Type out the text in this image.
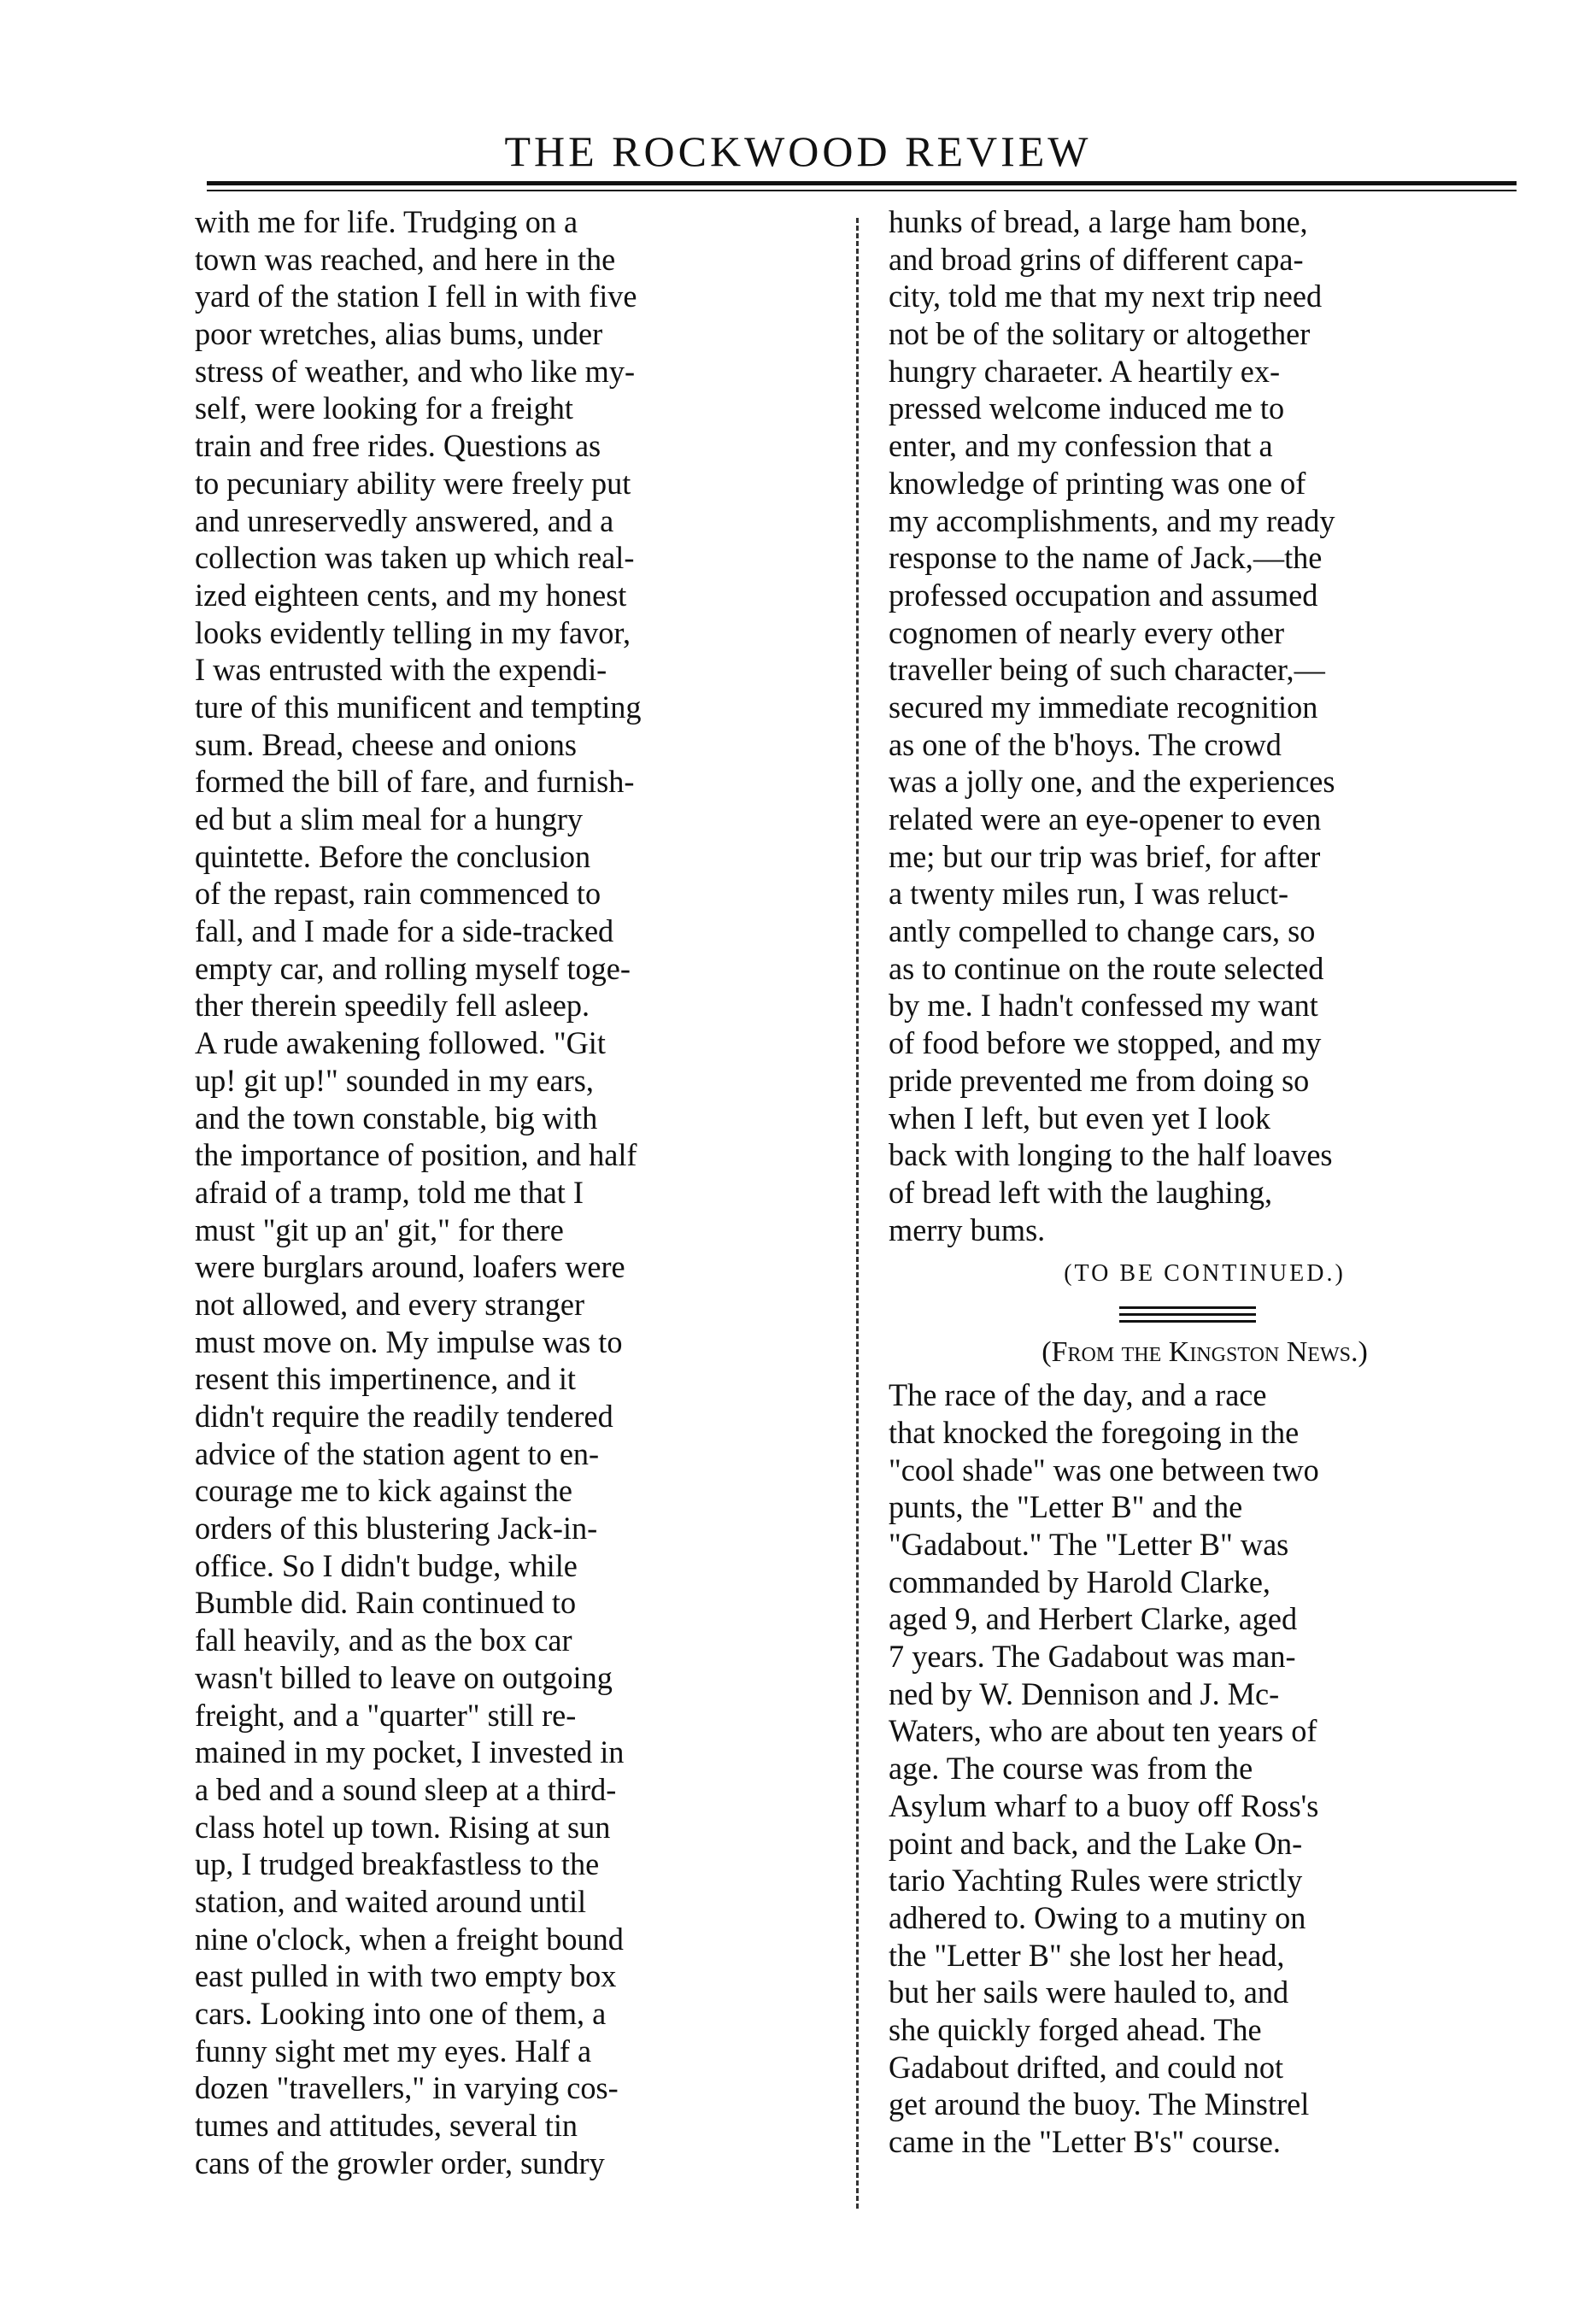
THE ROCKWOOD REVIEW
with me for life. Trudging on a
town was reached, and here in the
yard of the station I fell in with five
poor wretches, alias bums, under
stress of weather, and who like my-
self, were looking for a freight
train and free rides. Questions as
to pecuniary ability were freely put
and unreservedly answered, and a
collection was taken up which real-
ized eighteen cents, and my honest
looks evidently telling in my favor,
I was entrusted with the expendi-
ture of this munificent and tempting
sum. Bread, cheese and onions
formed the bill of fare, and furnish-
ed but a slim meal for a hungry
quintette. Before the conclusion
of the repast, rain commenced to
fall, and I made for a side-tracked
empty car, and rolling myself toge-
ther therein speedily fell asleep.
A rude awakening followed. "Git
up! git up!" sounded in my ears,
and the town constable, big with
the importance of position, and half
afraid of a tramp, told me that I
must "git up an' git," for there
were burglars around, loafers were
not allowed, and every stranger
must move on. My impulse was to
resent this impertinence, and it
didn't require the readily tendered
advice of the station agent to en-
courage me to kick against the
orders of this blustering Jack-in-
office. So I didn't budge, while
Bumble did. Rain continued to
fall heavily, and as the box car
wasn't billed to leave on outgoing
freight, and a "quarter" still re-
mained in my pocket, I invested in
a bed and a sound sleep at a third-
class hotel up town. Rising at sun
up, I trudged breakfastless to the
station, and waited around until
nine o'clock, when a freight bound
east pulled in with two empty box
cars. Looking into one of them, a
funny sight met my eyes. Half a
dozen "travellers," in varying cos-
tumes and attitudes, several tin
cans of the growler order, sundry
hunks of bread, a large ham bone,
and broad grins of different capa-
city, told me that my next trip need
not be of the solitary or altogether
hungry charaeter. A heartily ex-
pressed welcome induced me to
enter, and my confession that a
knowledge of printing was one of
my accomplishments, and my ready
response to the name of Jack,—the
professed occupation and assumed
cognomen of nearly every other
traveller being of such character,—
secured my immediate recognition
as one of the b'hoys. The crowd
was a jolly one, and the experiences
related were an eye-opener to even
me; but our trip was brief, for after
a twenty miles run, I was reluct-
antly compelled to change cars, so
as to continue on the route selected
by me. I hadn't confessed my want
of food before we stopped, and my
pride prevented me from doing so
when I left, but even yet I look
back with longing to the half loaves
of bread left with the laughing,
merry bums.
(TO BE CONTINUED.)
(From the Kingston News.)
The race of the day, and a race
that knocked the foregoing in the
"cool shade" was one between two
punts, the "Letter B" and the
"Gadabout." The "Letter B" was
commanded by Harold Clarke,
aged 9, and Herbert Clarke, aged
7 years. The Gadabout was man-
ned by W. Dennison and J. Mc-
Waters, who are about ten years of
age. The course was from the
Asylum wharf to a buoy off Ross's
point and back, and the Lake On-
tario Yachting Rules were strictly
adhered to. Owing to a mutiny on
the "Letter B" she lost her head,
but her sails were hauled to, and
she quickly forged ahead. The
Gadabout drifted, and could not
get around the buoy. The Minstrel
came in the "Letter B's" course.
